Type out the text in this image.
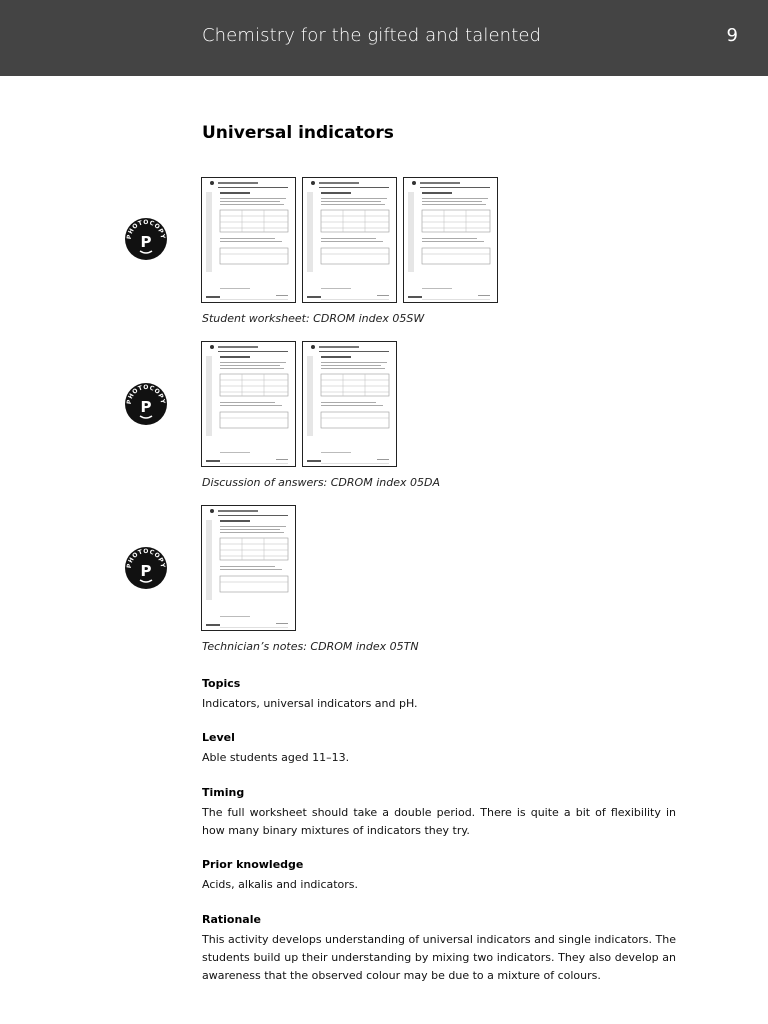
Chemistry for the gifted and talented	9
Universal indicators
Student worksheet: CDROM index 05SW
Discussion of answers: CDROM index 05DA
Technician’s notes: CDROM index 05TN
Topics

Indicators, universal indicators and pH.

Level

Able students aged 11–13.

Timing

The full worksheet should take a double period. There is quite a bit of flexibility in how many binary mixtures of indicators they try.

Prior knowledge

Acids, alkalis and indicators.

Rationale

This activity develops understanding of universal indicators and single indicators. The students build up their understanding by mixing two indicators. They also develop an awareness that the observed colour may be due to a mixture of colours.
